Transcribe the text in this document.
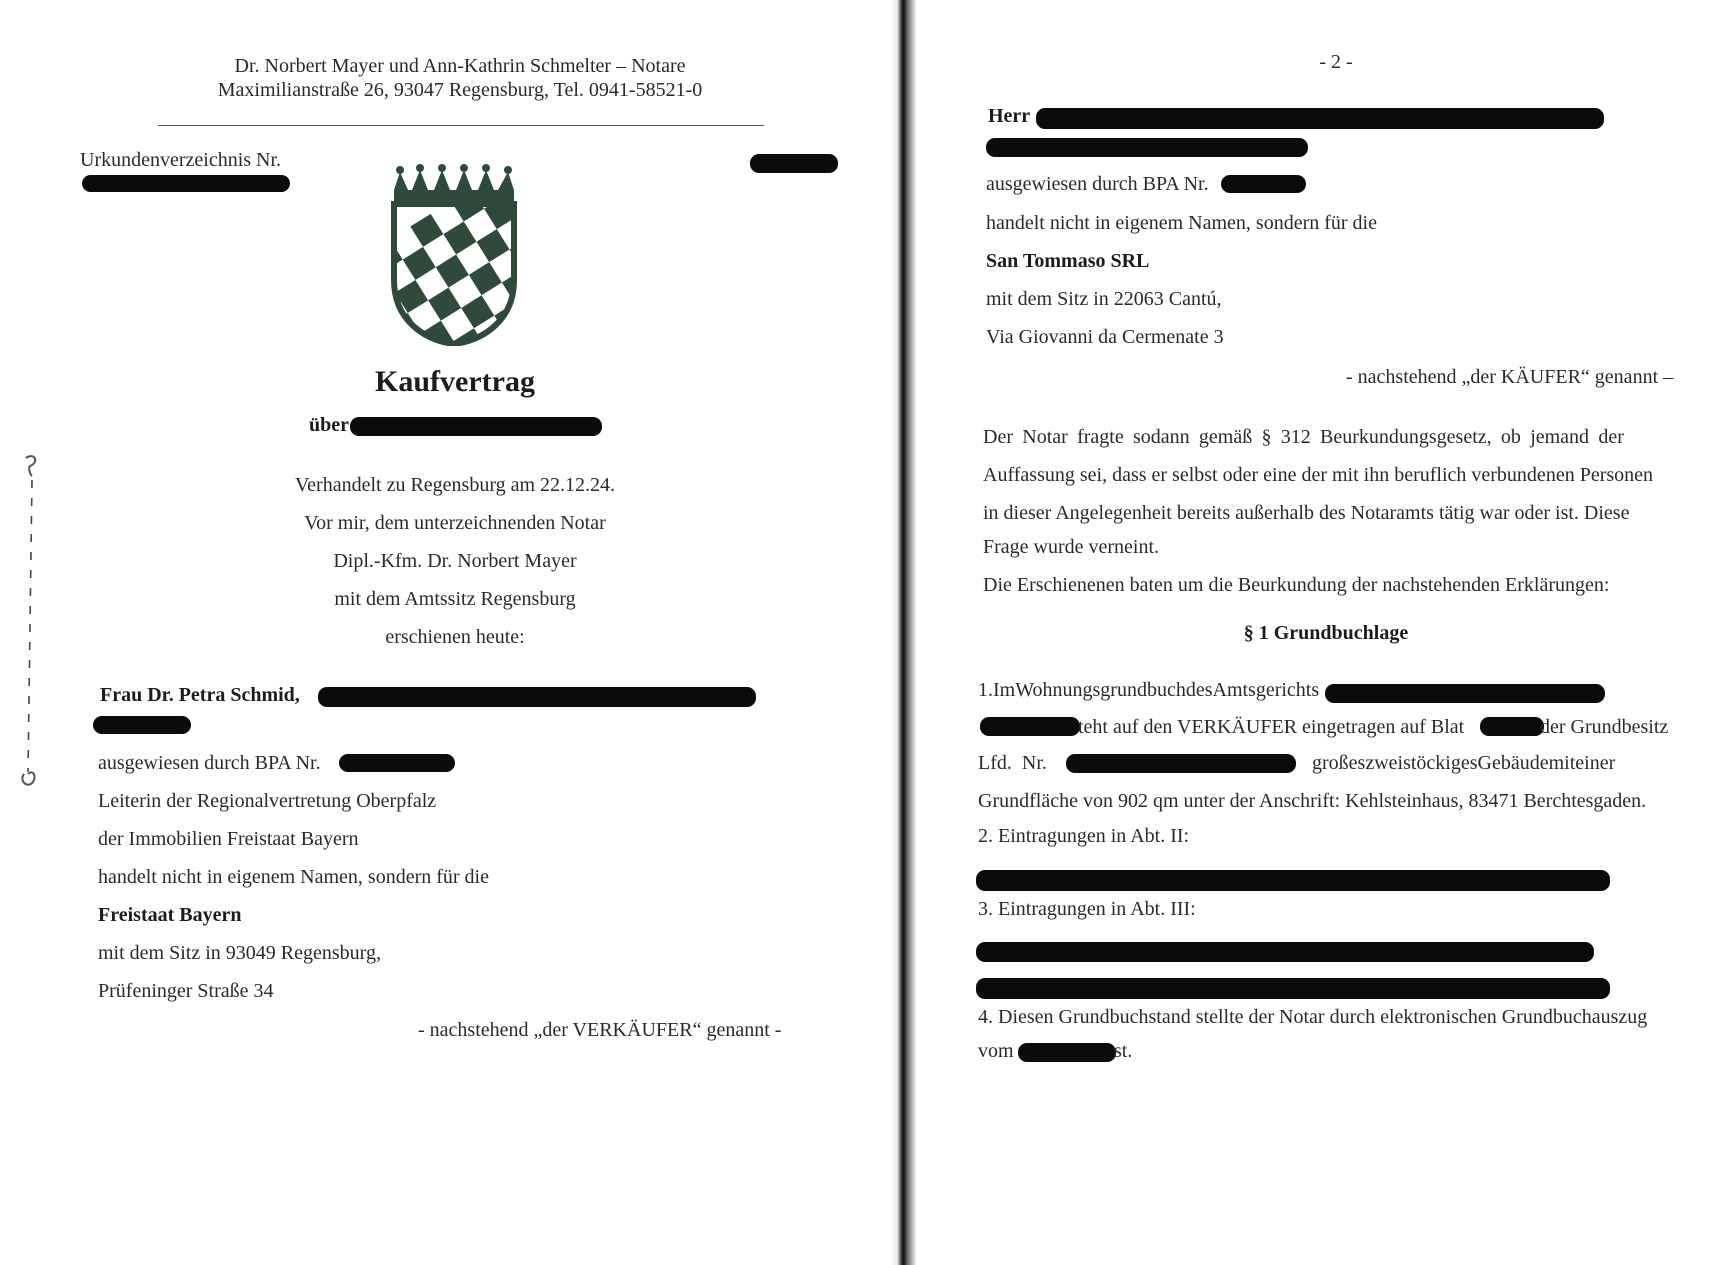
Dr. Norbert Mayer und Ann-Kathrin Schmelter – Notare
Maximilianstraße 26, 93047 Regensburg, Tel. 0941-58521-0
Urkundenverzeichnis Nr.
Kaufvertrag
über
Verhandelt zu Regensburg am 22.12.24.
Vor mir, dem unterzeichnenden Notar
Dipl.-Kfm. Dr. Norbert Mayer
mit dem Amtssitz Regensburg
erschienen heute:
Frau Dr. Petra Schmid,
ausgewiesen durch BPA Nr.
Leiterin der Regionalvertretung Oberpfalz
der Immobilien Freistaat Bayern
handelt nicht in eigenem Namen, sondern für die
Freistaat Bayern
mit dem Sitz in 93049 Regensburg,
Prüfeninger Straße 34
- nachstehend „der VERKÄUFER“ genannt -
- 2 -
Herr
ausgewiesen durch BPA Nr.
handelt nicht in eigenem Namen, sondern für die
San Tommaso SRL
mit dem Sitz in 22063 Cantú,
Via Giovanni da Cermenate 3
- nachstehend „der KÄUFER“ genannt –
Der Notar fragte sodann gemäß § 312 Beurkundungsgesetz, ob jemand der
Auffassung sei, dass er selbst oder eine der mit ihn beruflich verbundenen Personen
in dieser Angelegenheit bereits außerhalb des Notaramts tätig war oder ist. Diese
Frage wurde verneint.
Die Erschienenen baten um die Beurkundung der nachstehenden Erklärungen:
§ 1 Grundbuchlage
1. Im Wohnungsgrundbuch des Amtsgerichts
teht auf den VERKÄUFER eingetragen auf Blat	der Grundbesitz
Lfd.  Nr.	großes zweistöckiges Gebäude mit einer
Grundfläche von 902 qm unter der Anschrift: Kehlsteinhaus, 83471 Berchtesgaden.
2. Eintragungen in Abt. II:
3. Eintragungen in Abt. III:
4. Diesen Grundbuchstand stellte der Notar durch elektronischen Grundbuchauszug
vom	st.
